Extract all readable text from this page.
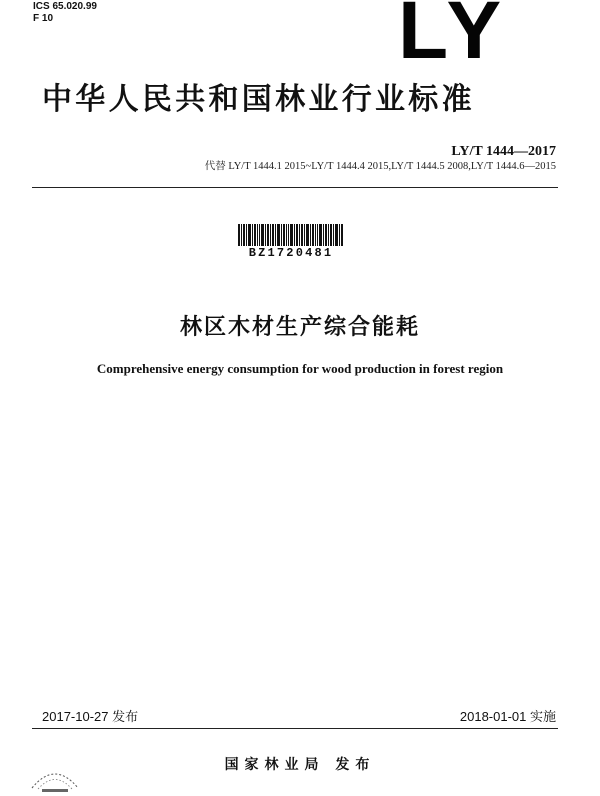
ICS 65.020.99
F 10	LY
中华人民共和国林业行业标准
LY/T 1444—2017
代替 LY/T 1444.1 2015~LY/T 1444.4 2015,LY/T 1444.5 2008,LY/T 1444.6—2015
BZ1720481
林区木材生产综合能耗
Comprehensive energy consumption for wood production in forest region
2017-10-27 发布	2018-01-01 实施
国家林业局 发布
